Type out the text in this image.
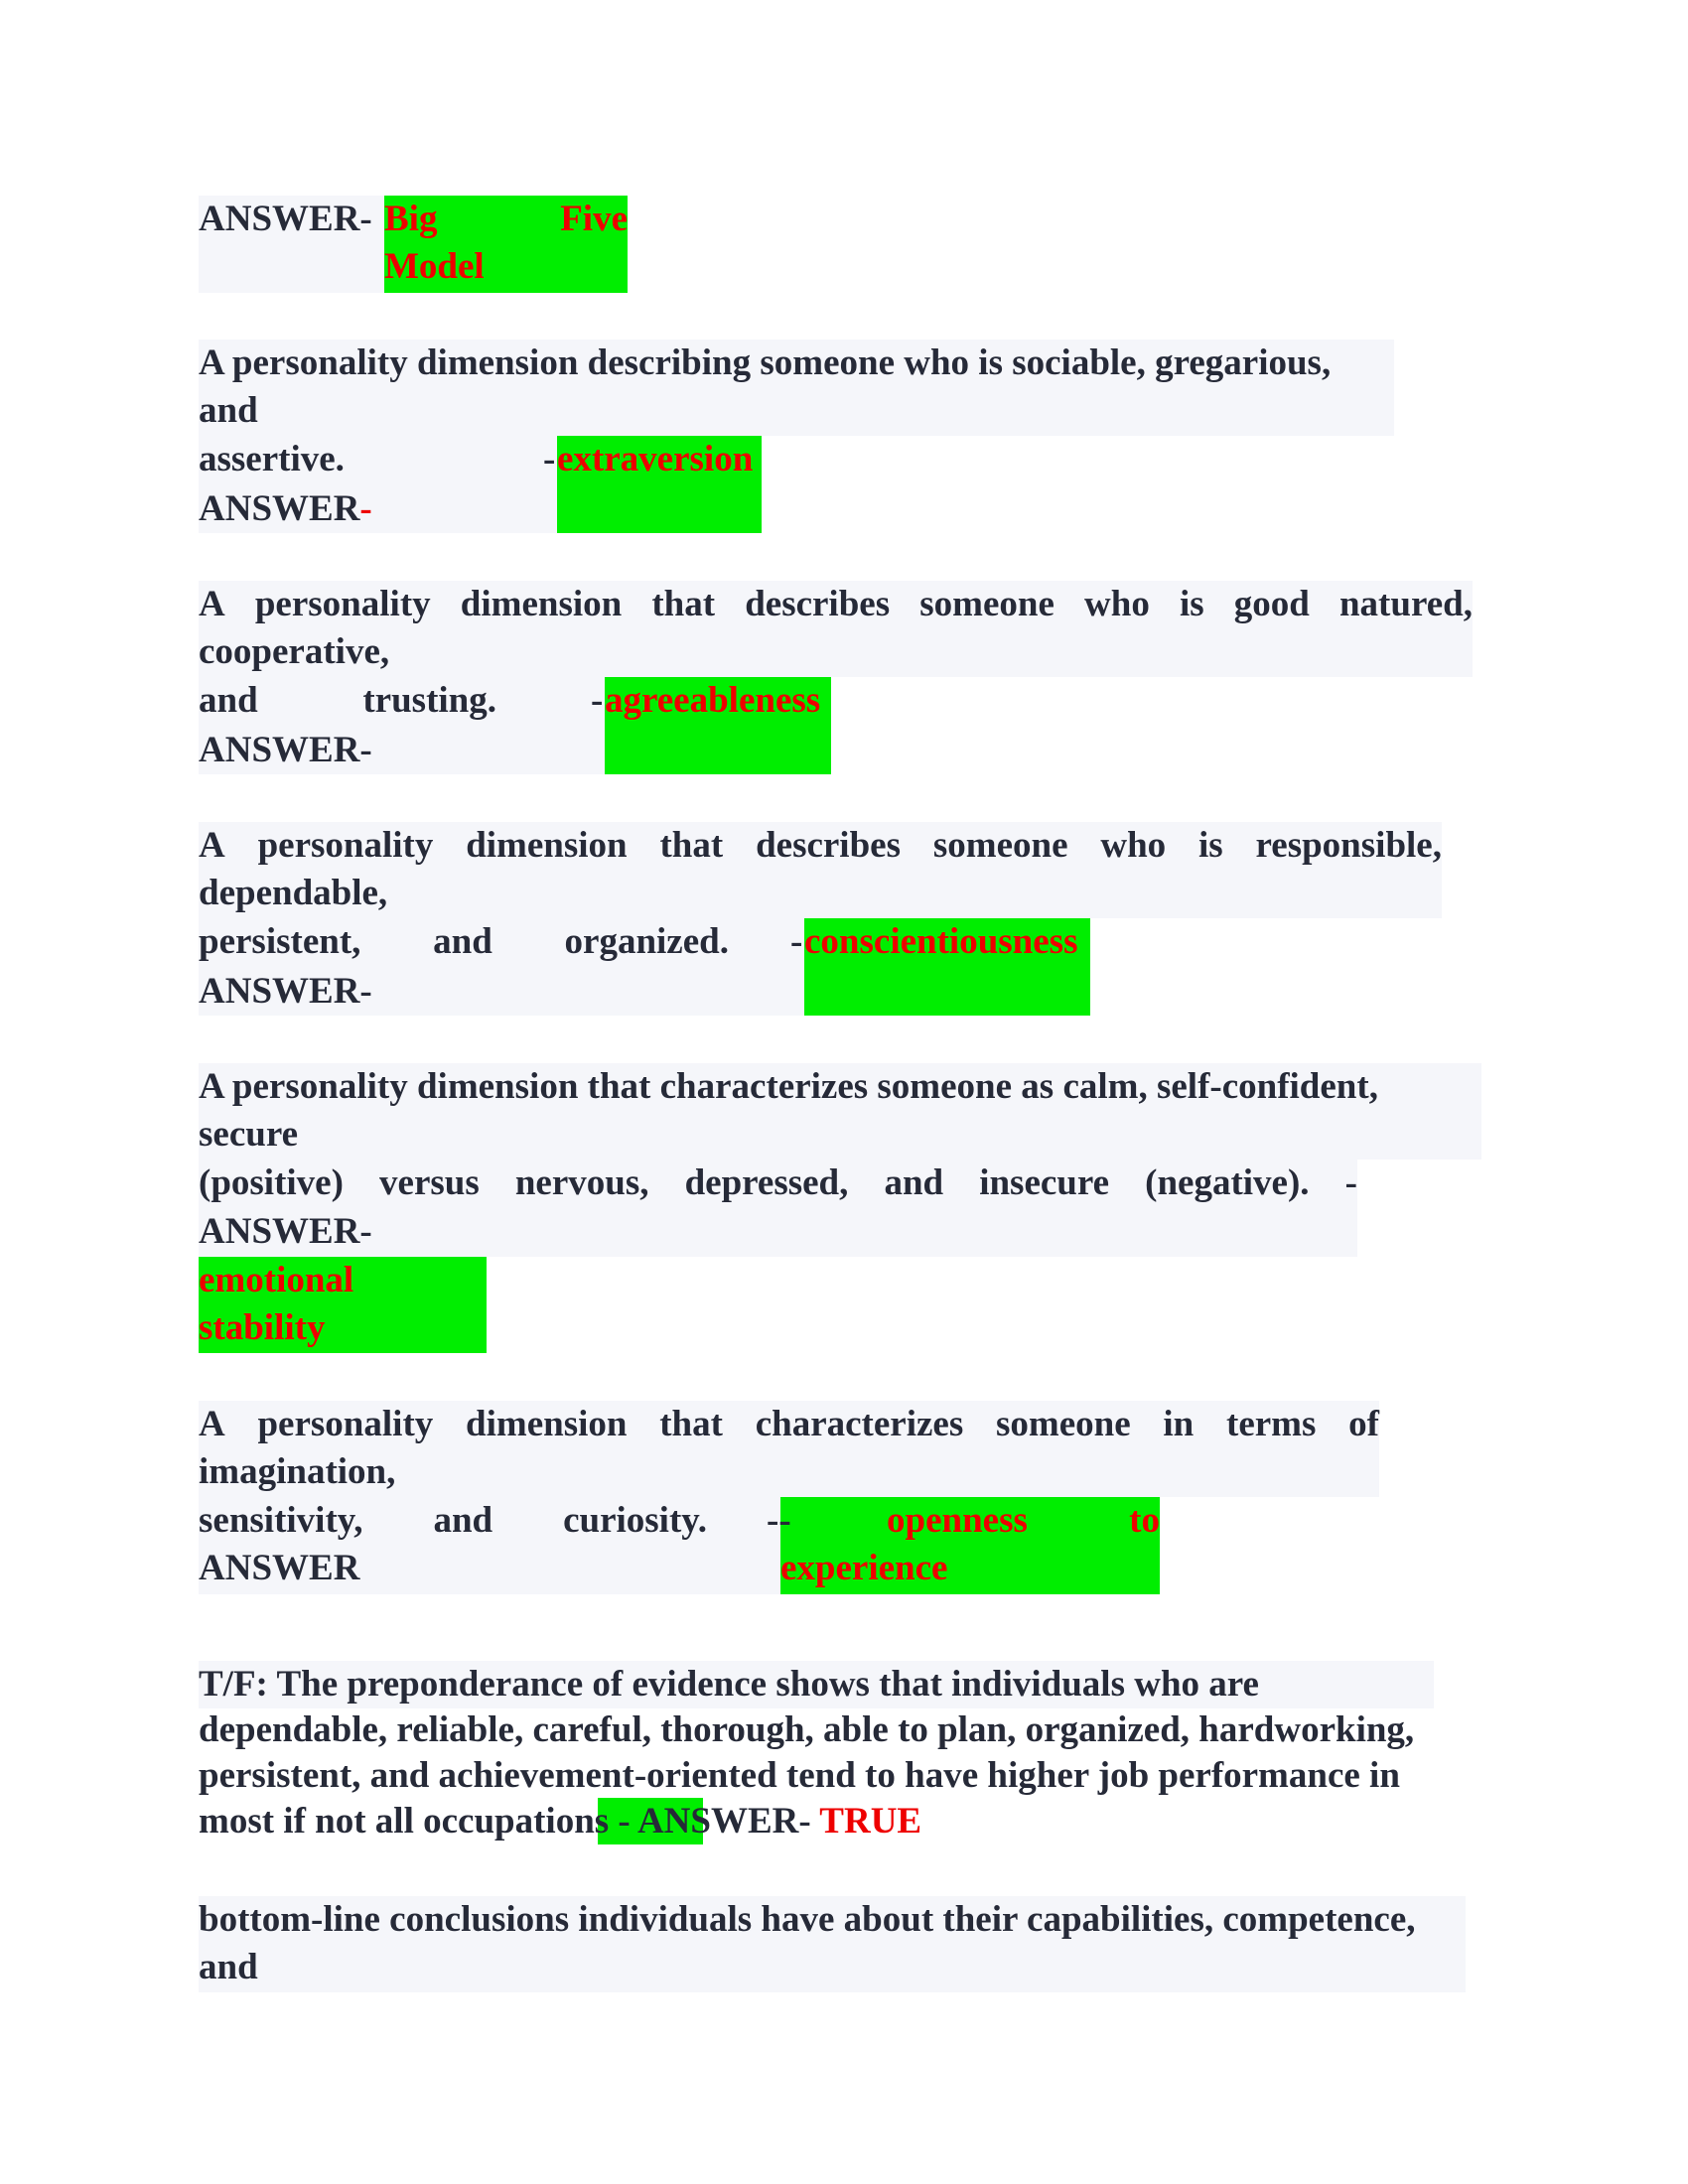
ANSWER- Big	Five
Model
A personality dimension describing someone who is sociable, gregarious,
and
assertive.	- extraversion
ANSWER-
A personality dimension that describes someone who is good natured,
cooperative,
and	trusting.	- agreeableness
ANSWER-
A personality dimension that describes someone who is responsible,
dependable,
persistent, and organized. - conscientiousness
ANSWER-
A personality dimension that characterizes someone as calm, self-confident,
secure
(positive) versus nervous, depressed, and insecure (negative). -
ANSWER-
emotional
stability
A personality dimension that characterizes someone in terms of
imagination,
sensitivity, and curiosity. --	openness	to
experience
ANSWER
T/F: The preponderance of evidence shows that individuals who are
dependable, reliable, careful, thorough, able to plan, organized, hardworking,
persistent, and achievement-oriented tend to have higher job performance in
most if not all occupations - ANSWER- TRUE
bottom-line conclusions individuals have about their capabilities, competence,
and
